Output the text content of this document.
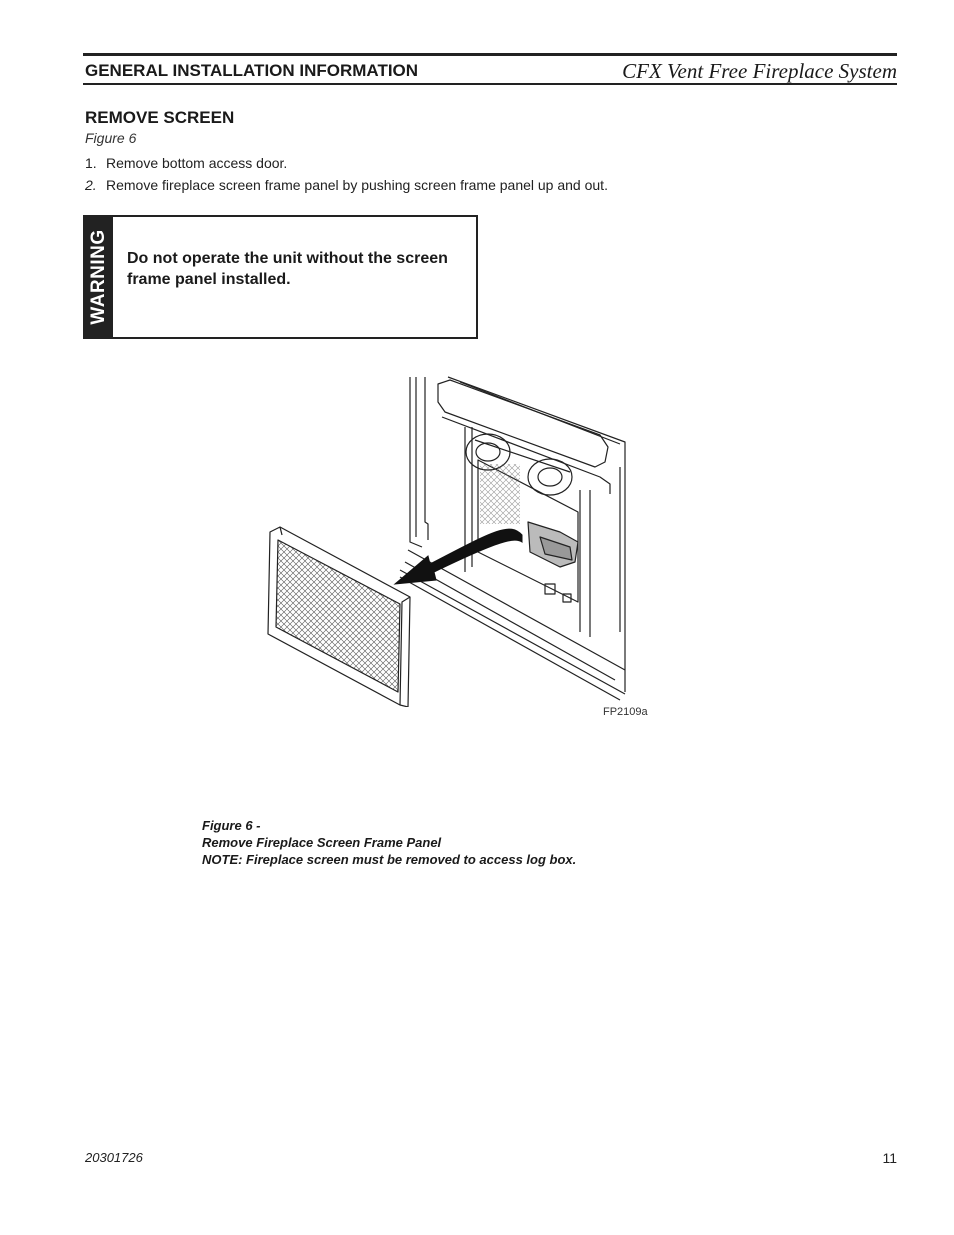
GENERAL INSTALLATION INFORMATION	CFX Vent Free Fireplace System
REMOVE SCREEN
Figure 6
1. Remove bottom access door.
2. Remove fireplace screen frame panel by pushing screen frame panel up and out.
WARNING Do not operate the unit without the screen frame panel installed.
FP2109a
Figure 6 -
Remove Fireplace Screen Frame Panel
NOTE: Fireplace screen must be removed to access log box.
20301726	11
